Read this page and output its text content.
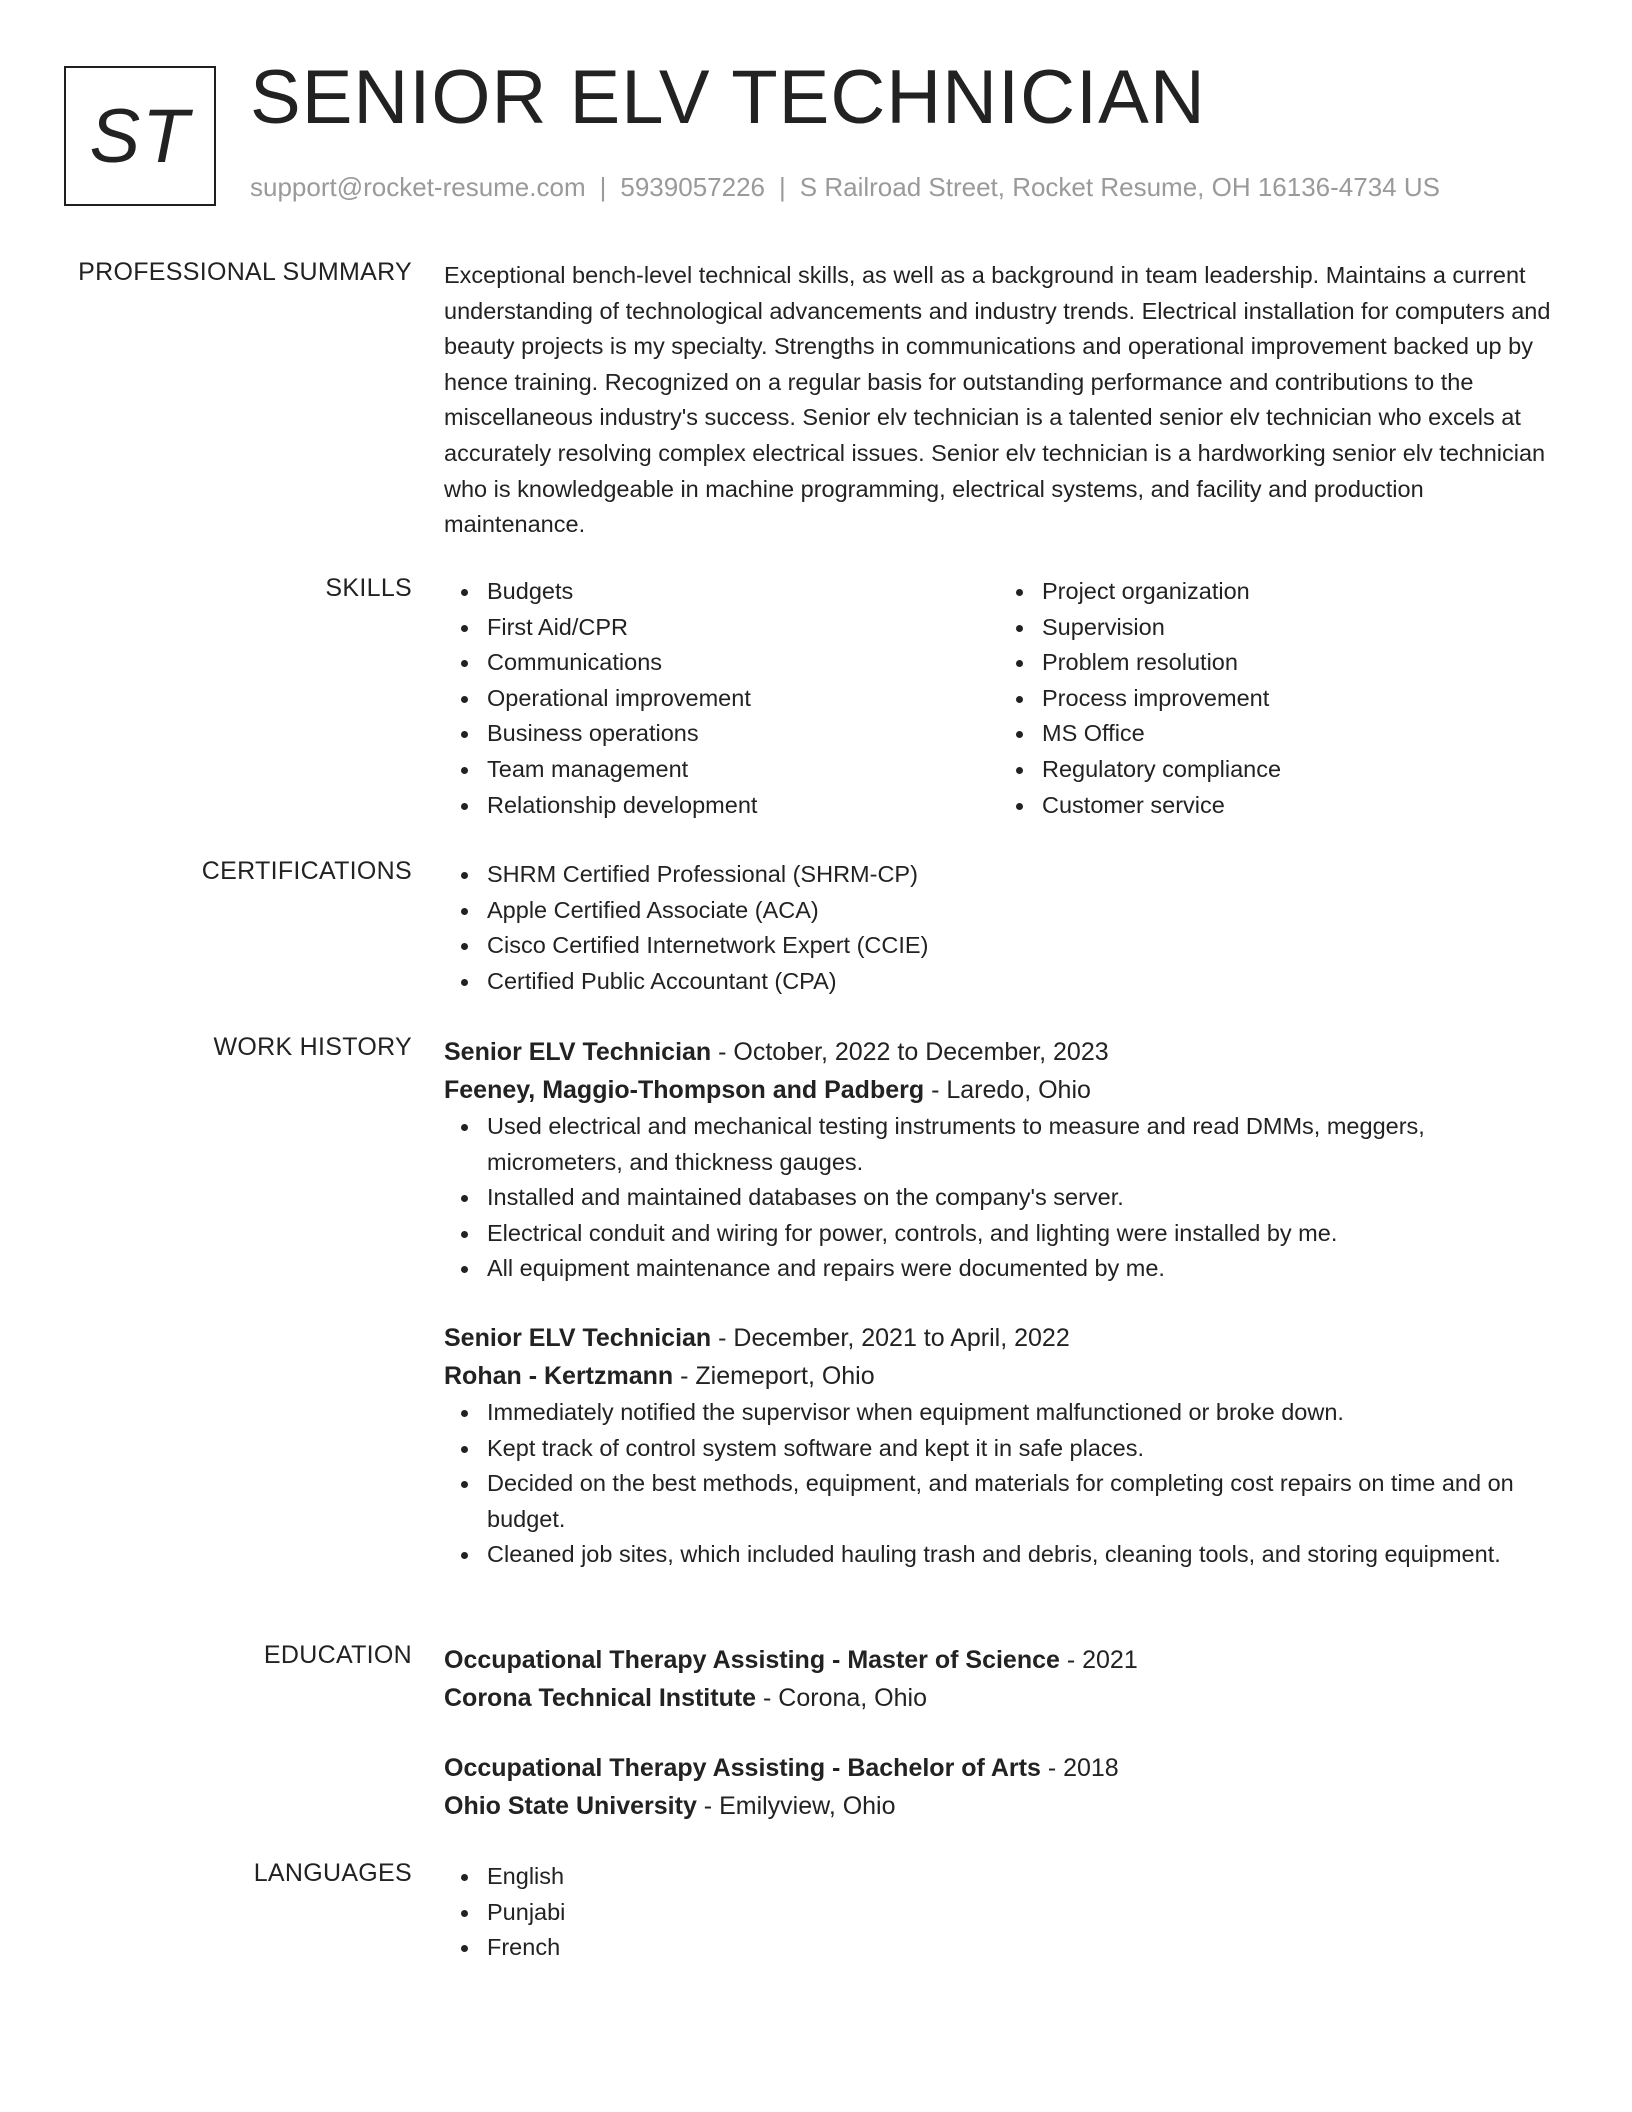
ST SENIOR ELV TECHNICIAN
support@rocket-resume.com | 5939057226 | S Railroad Street, Rocket Resume, OH 16136-4734 US
PROFESSIONAL SUMMARY Exceptional bench-level technical skills, as well as a background in team leadership. Maintains a current understanding of technological advancements and industry trends. Electrical installation for computers and beauty projects is my specialty. Strengths in communications and operational improvement backed up by hence training. Recognized on a regular basis for outstanding performance and contributions to the miscellaneous industry's success. Senior elv technician is a talented senior elv technician who excels at accurately resolving complex electrical issues. Senior elv technician is a hardworking senior elv technician who is knowledgeable in machine programming, electrical systems, and facility and production maintenance.
SKILLS	Budgets
First Aid/CPR
Communications
Operational improvement
Business operations
Team management
Relationship development
Project organization
Supervision
Problem resolution
Process improvement
MS Office
Regulatory compliance
Customer service
CERTIFICATIONS	SHRM Certified Professional (SHRM-CP)
Apple Certified Associate (ACA)
Cisco Certified Internetwork Expert (CCIE)
Certified Public Accountant (CPA)
WORK HISTORY Senior ELV Technician - October, 2022 to December, 2023
Feeney, Maggio-Thompson and Padberg - Laredo, Ohio
Used electrical and mechanical testing instruments to measure and read DMMs, meggers, micrometers, and thickness gauges.
Installed and maintained databases on the company's server.
Electrical conduit and wiring for power, controls, and lighting were installed by me.
All equipment maintenance and repairs were documented by me.
Senior ELV Technician - December, 2021 to April, 2022
Rohan - Kertzmann - Ziemeport, Ohio
Immediately notified the supervisor when equipment malfunctioned or broke down.
Kept track of control system software and kept it in safe places.
Decided on the best methods, equipment, and materials for completing cost repairs on time and on budget.
Cleaned job sites, which included hauling trash and debris, cleaning tools, and storing equipment.
EDUCATION Occupational Therapy Assisting - Master of Science - 2021
Corona Technical Institute - Corona, Ohio
Occupational Therapy Assisting - Bachelor of Arts - 2018
Ohio State University - Emilyview, Ohio
LANGUAGES	English
Punjabi
French
